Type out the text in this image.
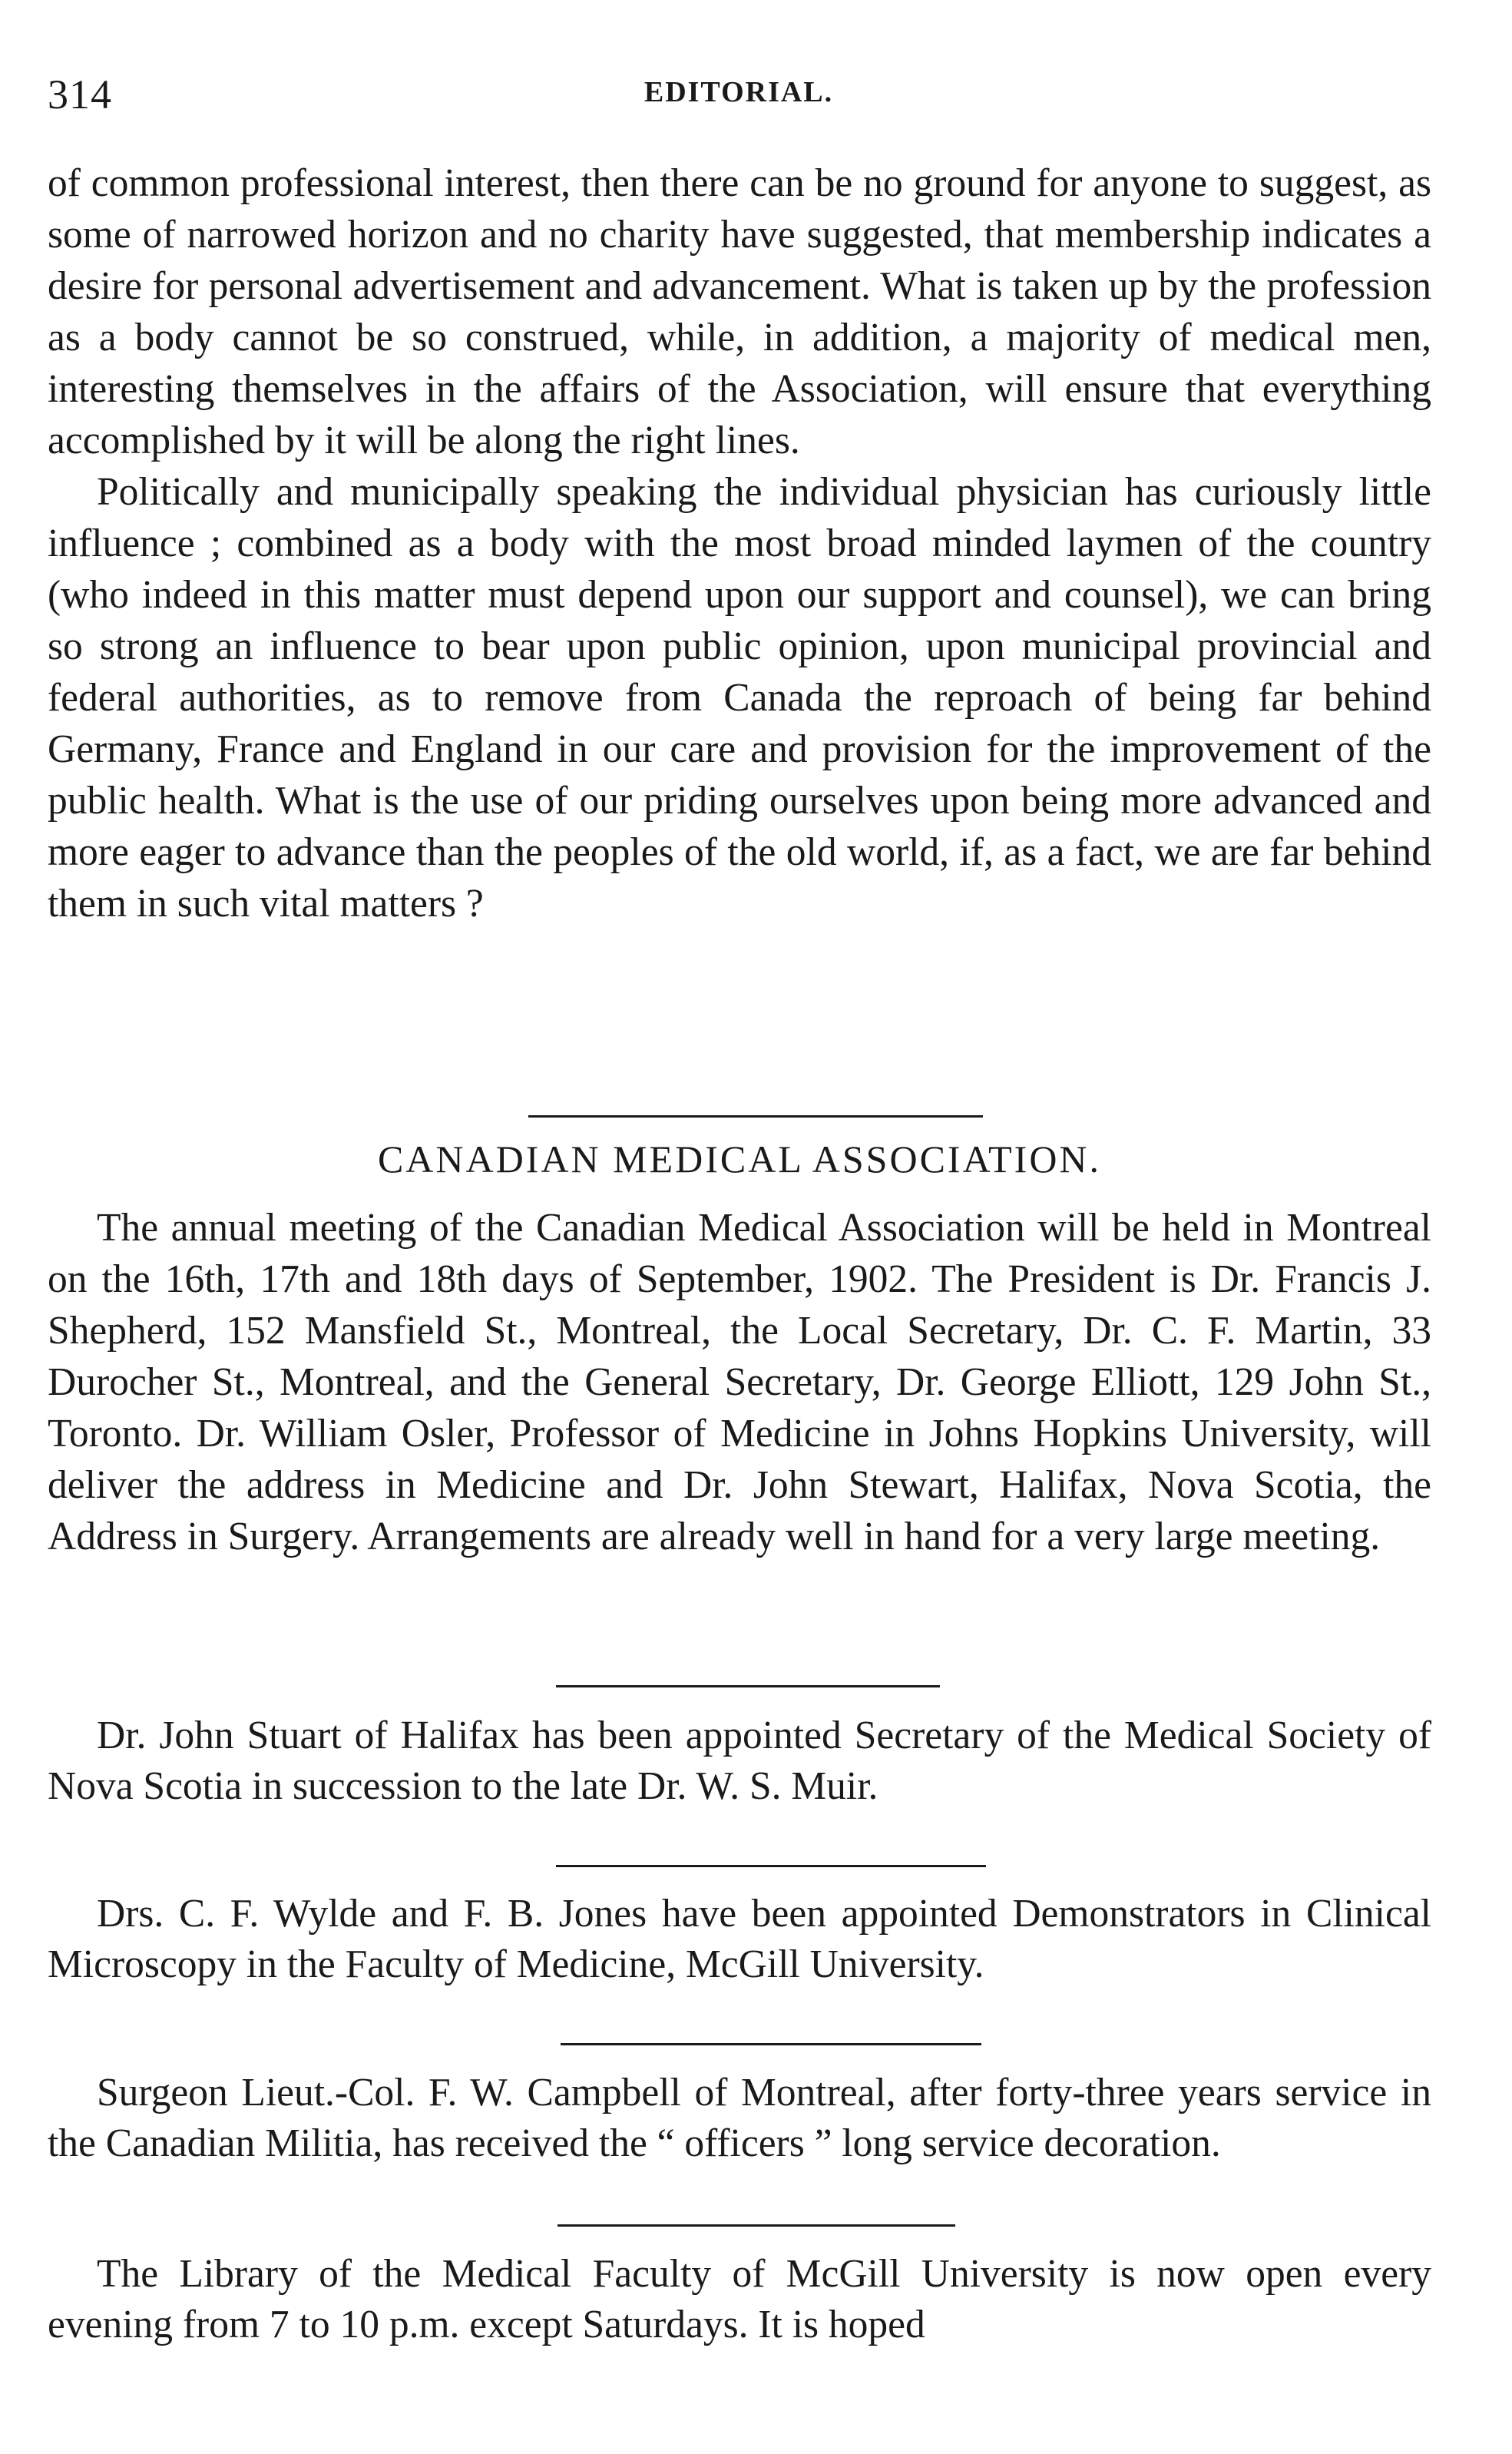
314	EDITORIAL.

of common professional interest, then there can be no ground for anyone to suggest, as some of narrowed horizon and no charity have suggested, that membership indicates a desire for personal advertisement and advancement. What is taken up by the profession as a body cannot be so construed, while, in addition, a majority of medical men, interesting themselves in the affairs of the Association, will ensure that everything accomplished by it will be along the right lines.

Politically and municipally speaking the individual physician has curiously little influence ; combined as a body with the most broad minded laymen of the country (who indeed in this matter must depend upon our support and counsel), we can bring so strong an influence to bear upon public opinion, upon municipal provincial and federal authorities, as to remove from Canada the reproach of being far behind Germany, France and England in our care and provision for the improvement of the public health. What is the use of our priding ourselves upon being more advanced and more eager to advance than the peoples of the old world, if, as a fact, we are far behind them in such vital matters ?

CANADIAN MEDICAL ASSOCIATION.

The annual meeting of the Canadian Medical Association will be held in Montreal on the 16th, 17th and 18th days of September, 1902. The President is Dr. Francis J. Shepherd, 152 Mansfield St., Montreal, the Local Secretary, Dr. C. F. Martin, 33 Durocher St., Montreal, and the General Secretary, Dr. George Elliott, 129 John St., Toronto. Dr. William Osler, Professor of Medicine in Johns Hopkins University, will deliver the address in Medicine and Dr. John Stewart, Halifax, Nova Scotia, the Address in Surgery. Arrangements are already well in hand for a very large meeting.

Dr. John Stuart of Halifax has been appointed Secretary of the Medical Society of Nova Scotia in succession to the late Dr. W. S. Muir.

Drs. C. F. Wylde and F. B. Jones have been appointed Demonstrators in Clinical Microscopy in the Faculty of Medicine, McGill University.

Surgeon Lieut.-Col. F. W. Campbell of Montreal, after forty-three years service in the Canadian Militia, has received the “ officers ” long service decoration.

The Library of the Medical Faculty of McGill University is now open every evening from 7 to 10 p.m. except Saturdays. It is hoped
